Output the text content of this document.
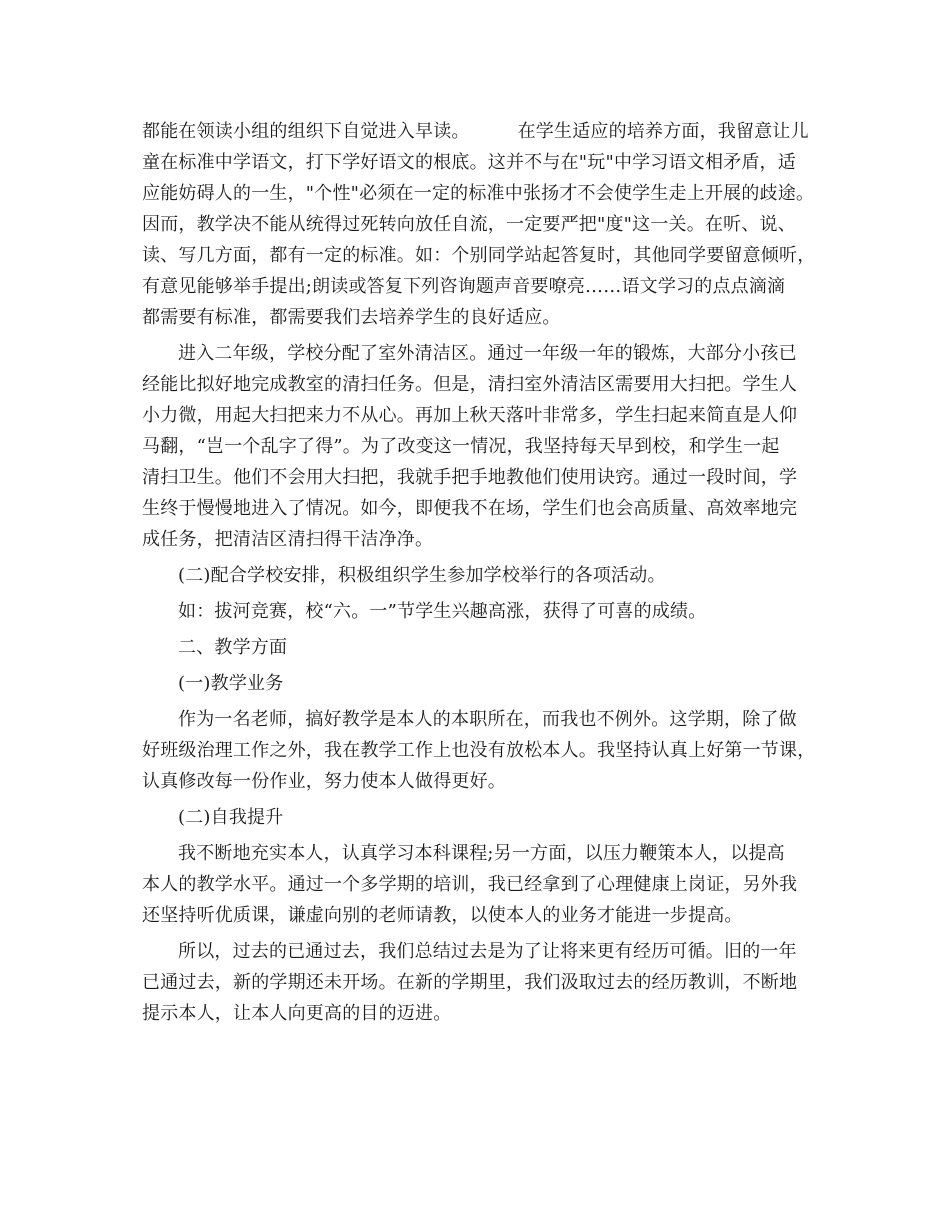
都能在领读小组的组织下自觉进入早读。	在学生适应的培养方面，我留意让儿
童在标准中学语文，打下学好语文的根底。这并不与在"玩"中学习语文相矛盾，适
应能妨碍人的一生，"个性"必须在一定的标准中张扬才不会使学生走上开展的歧途。
因而，教学决不能从统得过死转向放任自流，一定要严把"度"这一关。在听、说、
读、写几方面，都有一定的标准。如：个别同学站起答复时，其他同学要留意倾听，
有意见能够举手提出;朗读或答复下列咨询题声音要嘹亮……语文学习的点点滴滴
都需要有标准，都需要我们去培养学生的良好适应。
进入二年级，学校分配了室外清洁区。通过一年级一年的锻炼，大部分小孩已
经能比拟好地完成教室的清扫任务。但是，清扫室外清洁区需要用大扫把。学生人
小力微，用起大扫把来力不从心。再加上秋天落叶非常多，学生扫起来简直是人仰
马翻，“岂一个乱字了得”。为了改变这一情况，我坚持每天早到校，和学生一起
清扫卫生。他们不会用大扫把，我就手把手地教他们使用诀窍。通过一段时间，学
生终于慢慢地进入了情况。如今，即便我不在场，学生们也会高质量、高效率地完
成任务，把清洁区清扫得干洁净净。
(二)配合学校安排，积极组织学生参加学校举行的各项活动。
如：拔河竞赛，校“六。一”节学生兴趣高涨，获得了可喜的成绩。
二、教学方面
(一)教学业务
作为一名老师，搞好教学是本人的本职所在，而我也不例外。这学期，除了做
好班级治理工作之外，我在教学工作上也没有放松本人。我坚持认真上好第一节课，
认真修改每一份作业，努力使本人做得更好。
(二)自我提升
我不断地充实本人，认真学习本科课程;另一方面，以压力鞭策本人，以提高
本人的教学水平。通过一个多学期的培训，我已经拿到了心理健康上岗证，另外我
还坚持听优质课，谦虚向别的老师请教，以使本人的业务才能进一步提高。
所以，过去的已通过去，我们总结过去是为了让将来更有经历可循。旧的一年
已通过去，新的学期还未开场。在新的学期里，我们汲取过去的经历教训，不断地
提示本人，让本人向更高的目的迈进。
